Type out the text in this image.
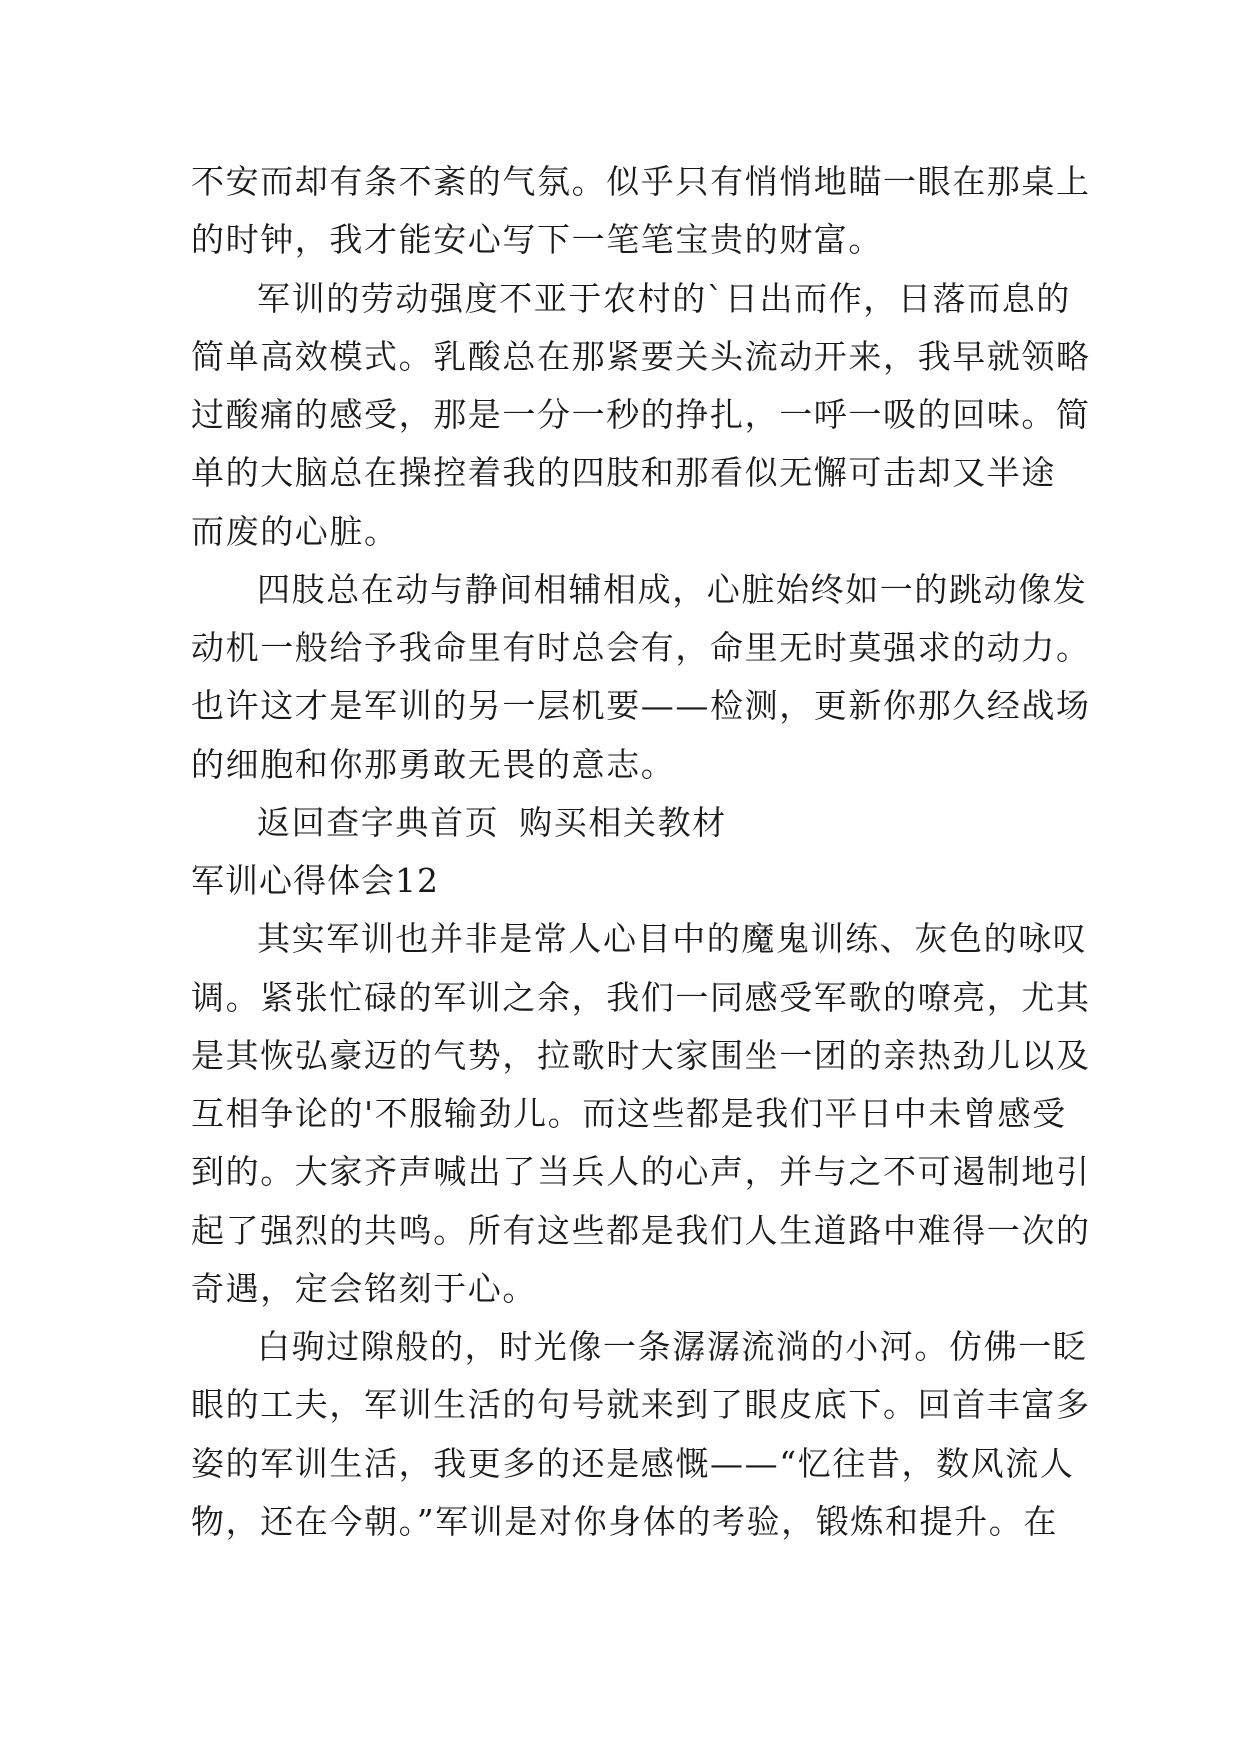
不安而却有条不紊的气氛。似乎只有悄悄地瞄一眼在那桌上
的时钟，我才能安心写下一笔笔宝贵的财富。
军训的劳动强度不亚于农村的`日出而作，日落而息的
简单高效模式。乳酸总在那紧要关头流动开来，我早就领略
过酸痛的感受，那是一分一秒的挣扎，一呼一吸的回味。简
单的大脑总在操控着我的四肢和那看似无懈可击却又半途
而废的心脏。
四肢总在动与静间相辅相成，心脏始终如一的跳动像发
动机一般给予我命里有时总会有，命里无时莫强求的动力。
也许这才是军训的另一层机要——检测，更新你那久经战场
的细胞和你那勇敢无畏的意志。
返回查字典首页 购买相关教材
军训心得体会12
其实军训也并非是常人心目中的魔鬼训练、灰色的咏叹
调。紧张忙碌的军训之余，我们一同感受军歌的嘹亮，尤其
是其恢弘豪迈的气势，拉歌时大家围坐一团的亲热劲儿以及
互相争论的'不服输劲儿。而这些都是我们平日中未曾感受
到的。大家齐声喊出了当兵人的心声，并与之不可遏制地引
起了强烈的共鸣。所有这些都是我们人生道路中难得一次的
奇遇，定会铭刻于心。
白驹过隙般的，时光像一条潺潺流淌的小河。仿佛一眨
眼的工夫，军训生活的句号就来到了眼皮底下。回首丰富多
姿的军训生活，我更多的还是感慨——“忆往昔，数风流人
物，还在今朝。”军训是对你身体的考验，锻炼和提升。在
